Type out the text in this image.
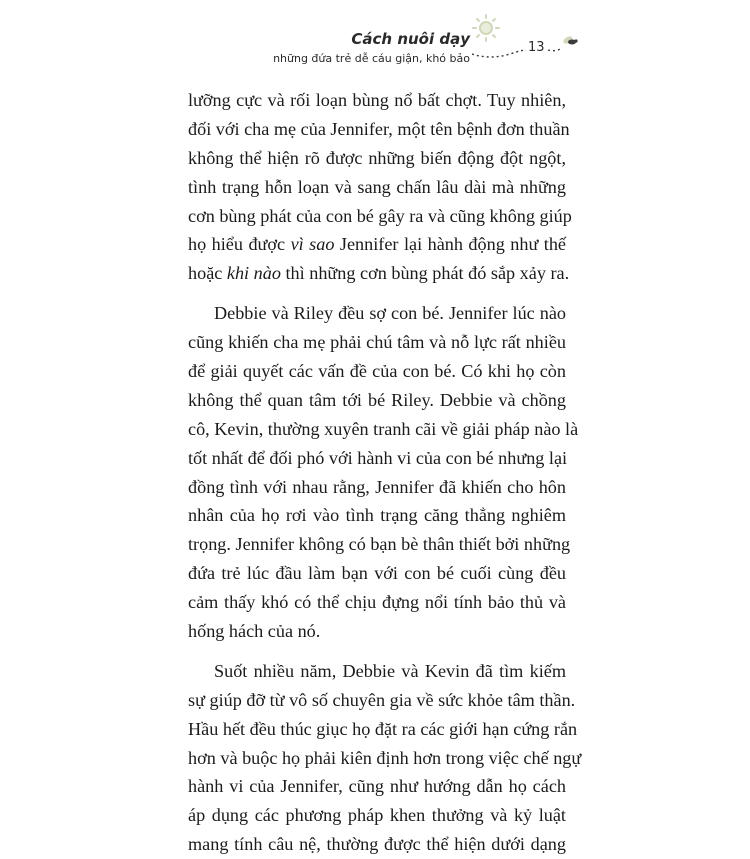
Cách nuôi dạy
những đứa trẻ dễ cáu giận, khó bảo
13
lưỡng cực và rối loạn bùng nổ bất chợt. Tuy nhiên,
đối với cha mẹ của Jennifer, một tên bệnh đơn thuần
không thể hiện rõ được những biến động đột ngột,
tình trạng hỗn loạn và sang chấn lâu dài mà những
cơn bùng phát của con bé gây ra và cũng không giúp
họ hiểu được vì sao Jennifer lại hành động như thế
hoặc khi nào thì những cơn bùng phát đó sắp xảy ra.
Debbie và Riley đều sợ con bé. Jennifer lúc nào
cũng khiến cha mẹ phải chú tâm và nỗ lực rất nhiều
để giải quyết các vấn đề của con bé. Có khi họ còn
không thể quan tâm tới bé Riley. Debbie và chồng
cô, Kevin, thường xuyên tranh cãi về giải pháp nào là
tốt nhất để đối phó với hành vi của con bé nhưng lại
đồng tình với nhau rằng, Jennifer đã khiến cho hôn
nhân của họ rơi vào tình trạng căng thẳng nghiêm
trọng. Jennifer không có bạn bè thân thiết bởi những
đứa trẻ lúc đầu làm bạn với con bé cuối cùng đều
cảm thấy khó có thể chịu đựng nổi tính bảo thủ và
hống hách của nó.
Suốt nhiều năm, Debbie và Kevin đã tìm kiếm
sự giúp đỡ từ vô số chuyên gia về sức khỏe tâm thần.
Hầu hết đều thúc giục họ đặt ra các giới hạn cứng rắn
hơn và buộc họ phải kiên định hơn trong việc chế ngự
hành vi của Jennifer, cũng như hướng dẫn họ cách
áp dụng các phương pháp khen thưởng và kỷ luật
mang tính câu nệ, thường được thể hiện dưới dạng
